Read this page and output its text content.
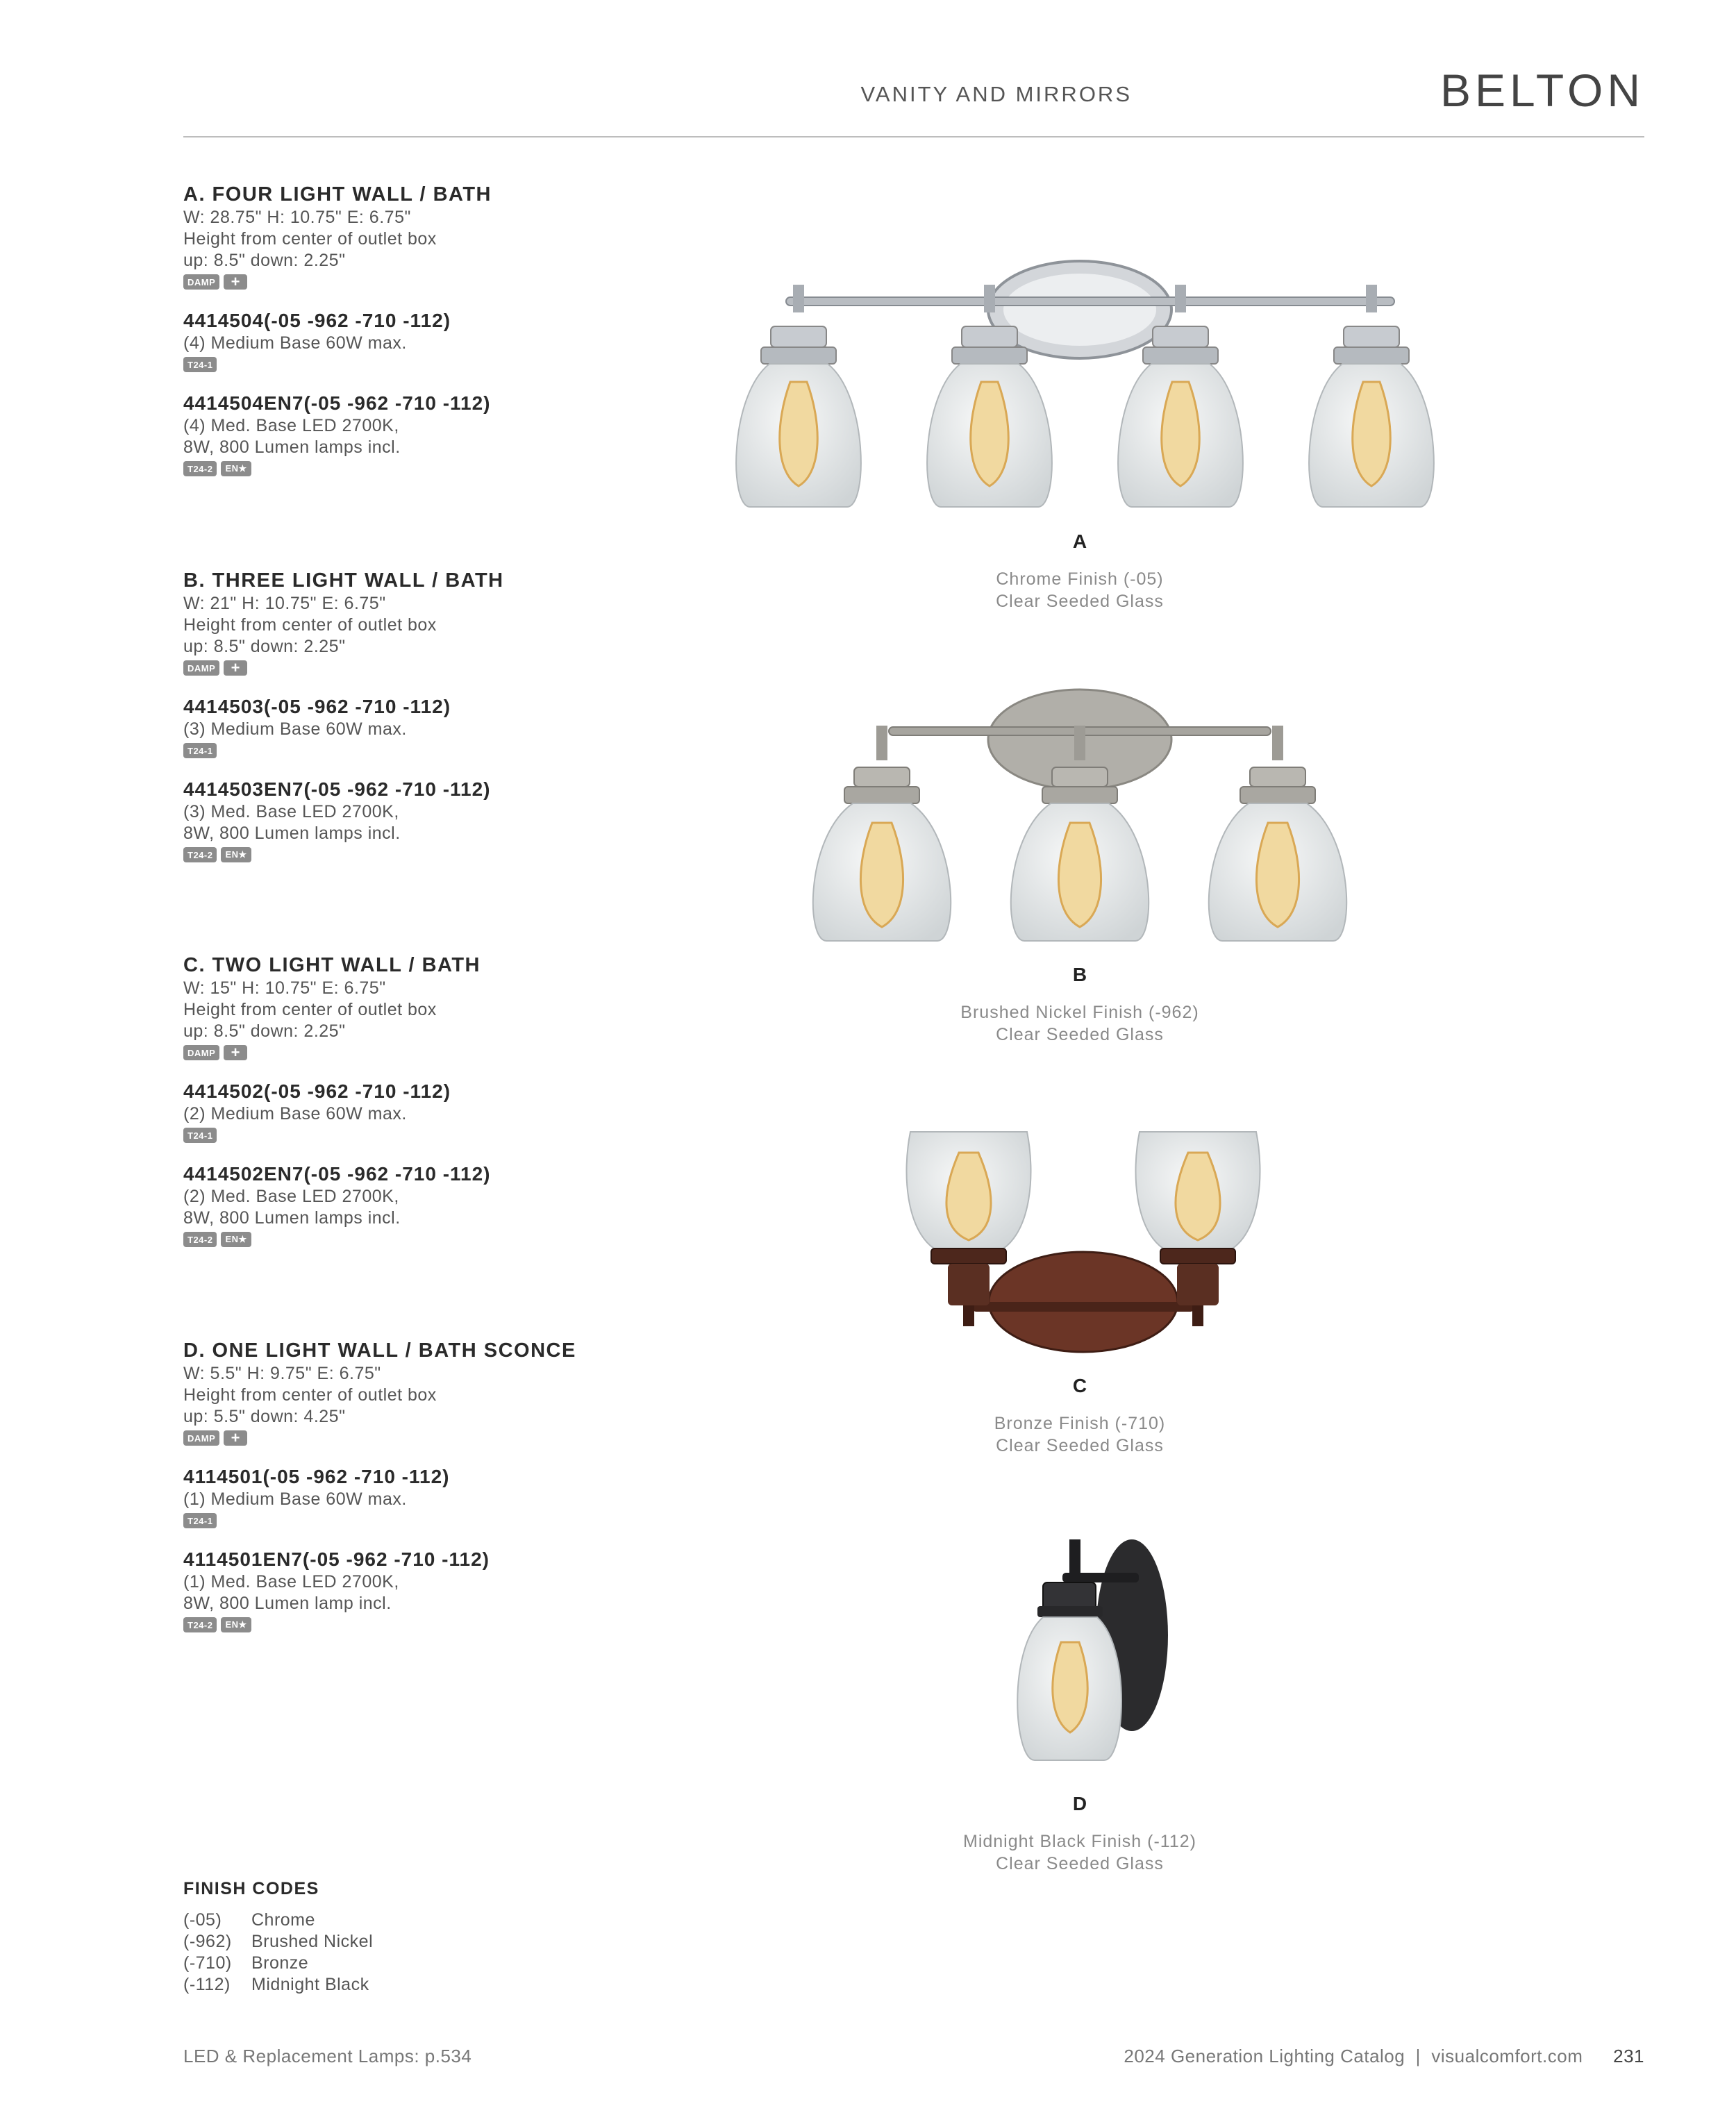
VANITY AND MIRRORS	BELTON
A. FOUR LIGHT WALL / BATH
W: 28.75" H: 10.75" E: 6.75"
Height from center of outlet box
up: 8.5" down: 2.25"
DAMP	+
4414504(-05 -962 -710 -112)
(4) Medium Base 60W max.
T24-1
4414504EN7(-05 -962 -710 -112)
(4) Med. Base LED 2700K,
8W, 800 Lumen lamps incl.
T24-2	EN★
B. THREE LIGHT WALL / BATH
W: 21" H: 10.75" E: 6.75"
Height from center of outlet box
up: 8.5" down: 2.25"
DAMP	+
4414503(-05 -962 -710 -112)
(3) Medium Base 60W max.
T24-1
4414503EN7(-05 -962 -710 -112)
(3) Med. Base LED 2700K,
8W, 800 Lumen lamps incl.
T24-2	EN★
C. TWO LIGHT WALL / BATH
W: 15" H: 10.75" E: 6.75"
Height from center of outlet box
up: 8.5" down: 2.25"
DAMP	+
4414502(-05 -962 -710 -112)
(2) Medium Base 60W max.
T24-1
4414502EN7(-05 -962 -710 -112)
(2) Med. Base LED 2700K,
8W, 800 Lumen lamps incl.
T24-2	EN★
D. ONE LIGHT WALL / BATH SCONCE
W: 5.5" H: 9.75" E: 6.75"
Height from center of outlet box
up: 5.5" down: 4.25"
DAMP	+
4114501(-05 -962 -710 -112)
(1) Medium Base 60W max.
T24-1
4114501EN7(-05 -962 -710 -112)
(1) Med. Base LED 2700K,
8W, 800 Lumen lamp incl.
T24-2	EN★
A
Chrome Finish (-05)
Clear Seeded Glass
B
Brushed Nickel Finish (-962)
Clear Seeded Glass
C
Bronze Finish (-710)
Clear Seeded Glass
D
Midnight Black Finish (-112)
Clear Seeded Glass
FINISH CODES
(-05)	Chrome
(-962)	Brushed Nickel
(-710)	Bronze
(-112)	Midnight Black
LED & Replacement Lamps: p.534	2024 Generation Lighting Catalog  |  visualcomfort.com 231
